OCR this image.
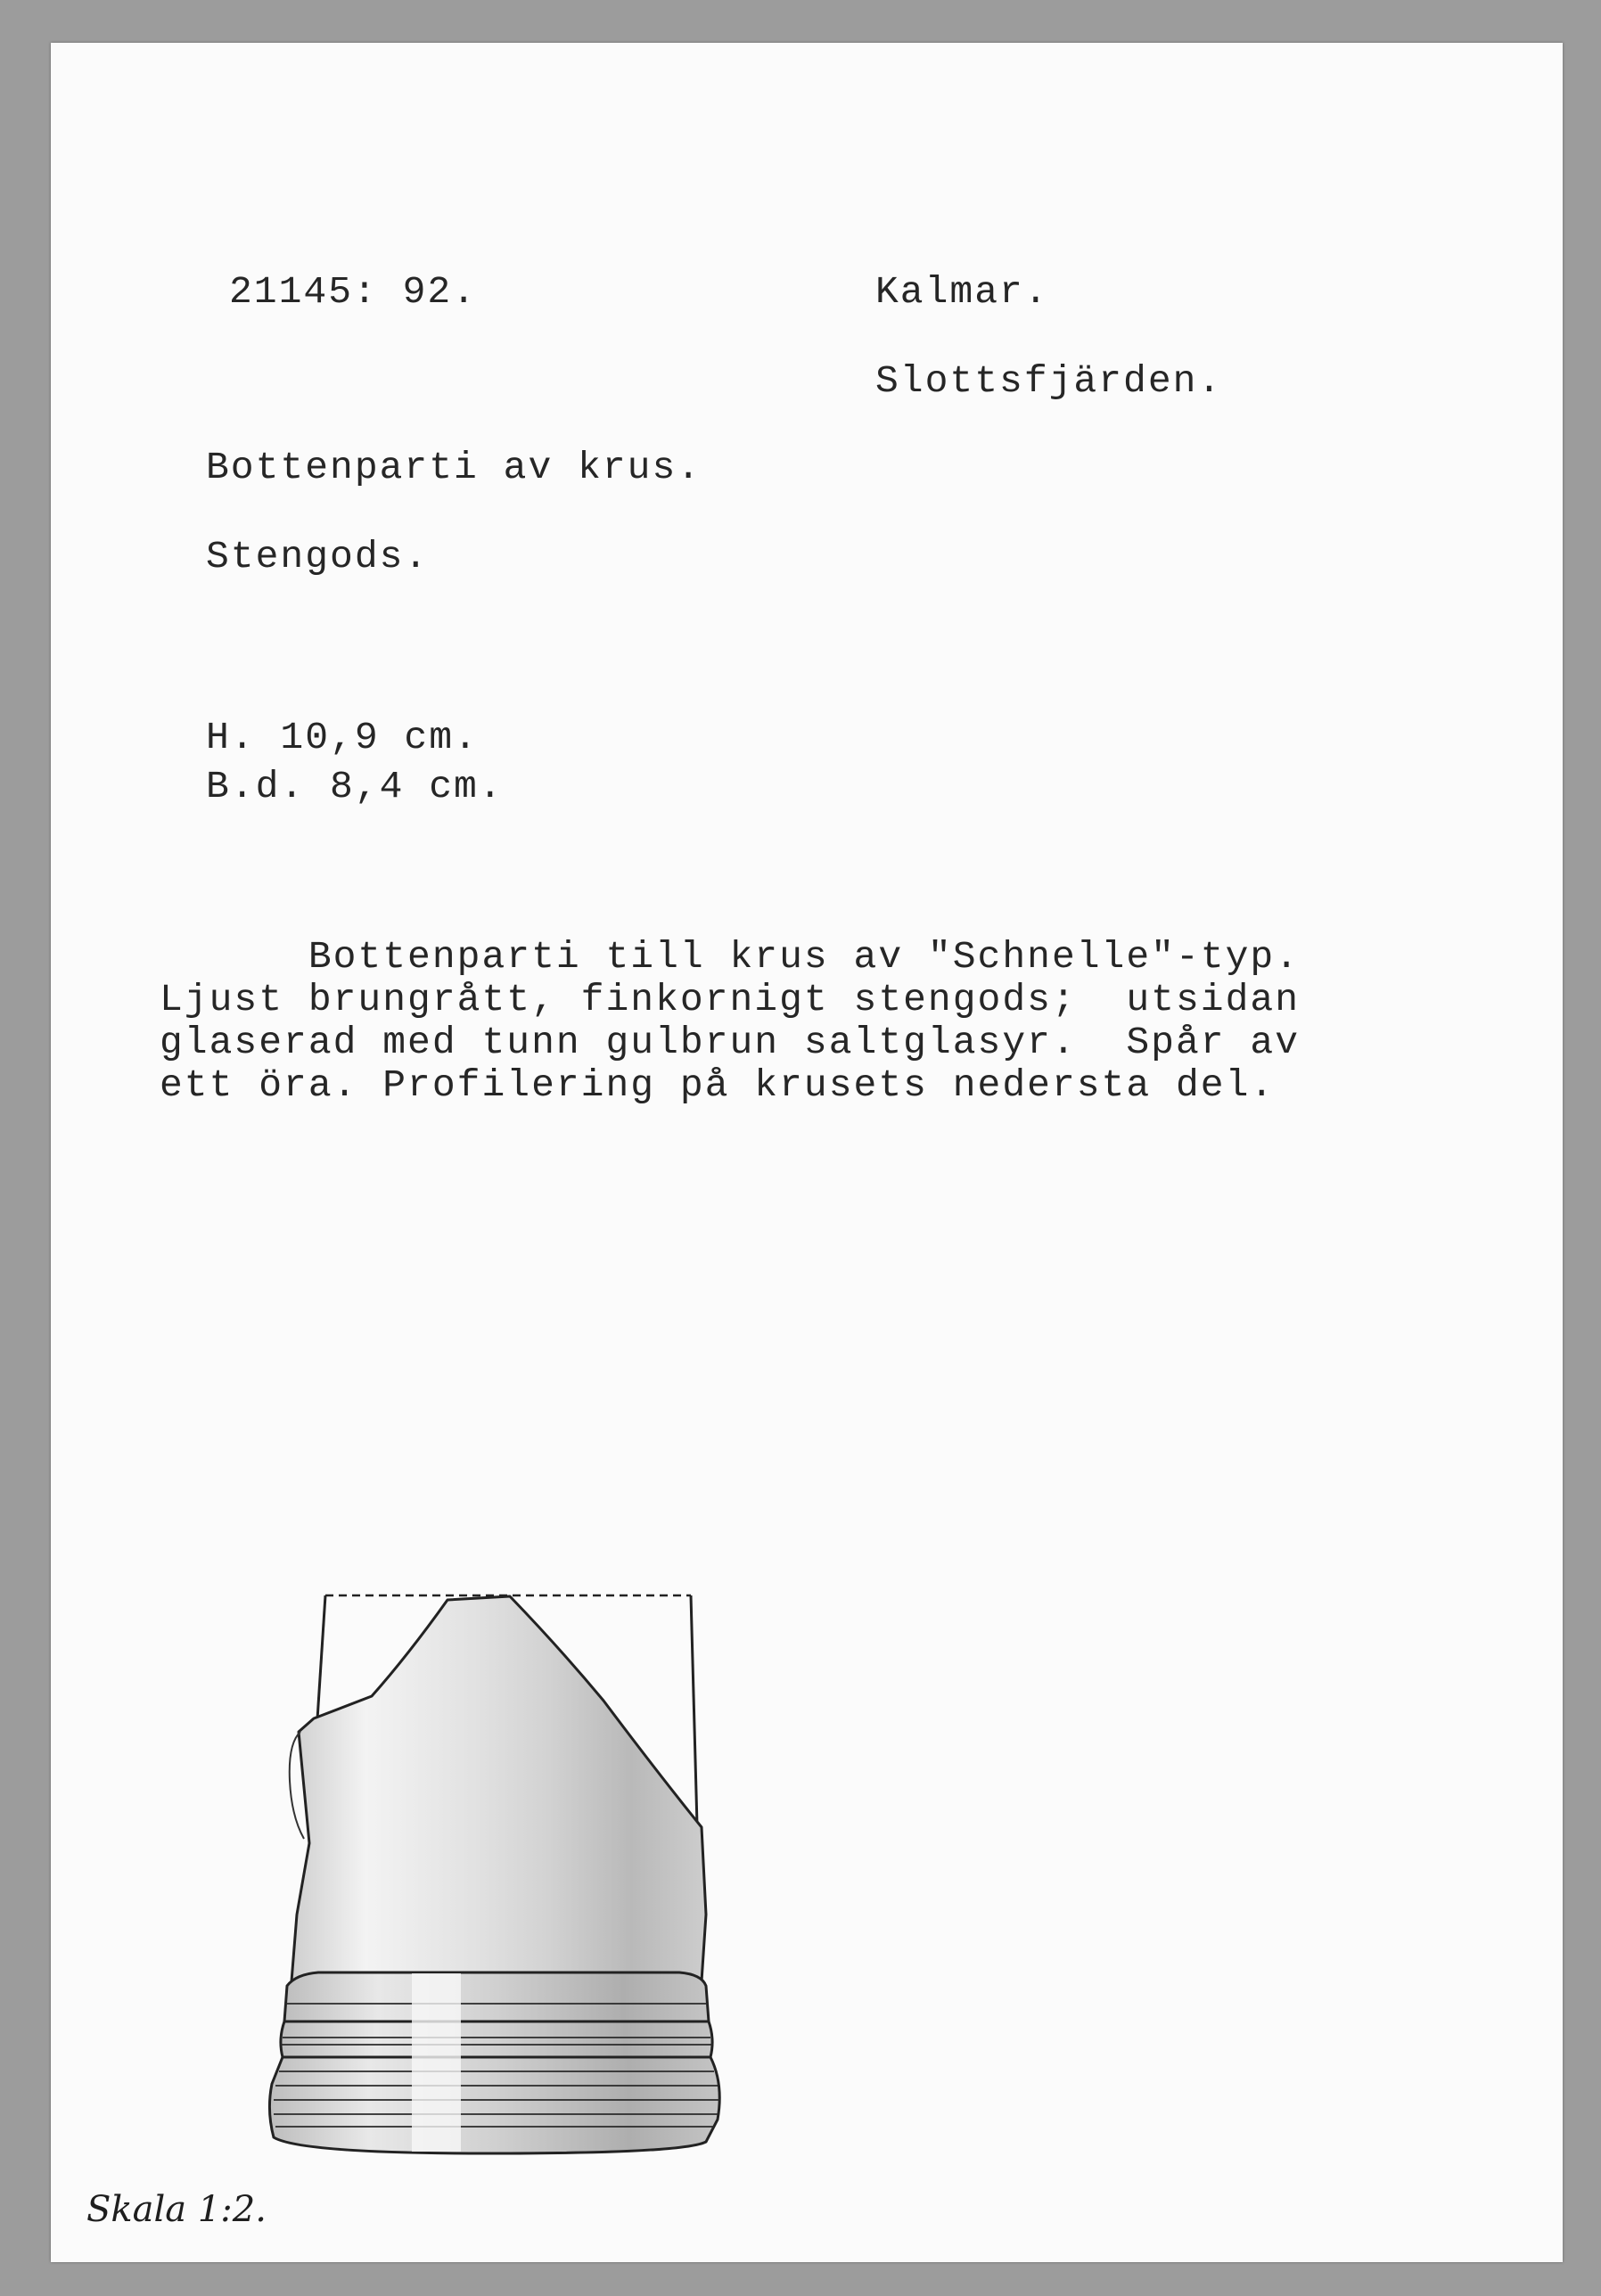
21145: 92.	Kalmar.
Slottsfjärden.
Bottenparti av krus.
Stengods.
H. 10,9 cm.
B.d. 8,4 cm.
Bottenparti till krus av "Schnelle"-typ.
Ljust brungrått, finkornigt stengods;  utsidan
glaserad med tunn gulbrun saltglasyr.  Spår av
ett öra. Profilering på krusets nedersta del.
Skala 1:2.
